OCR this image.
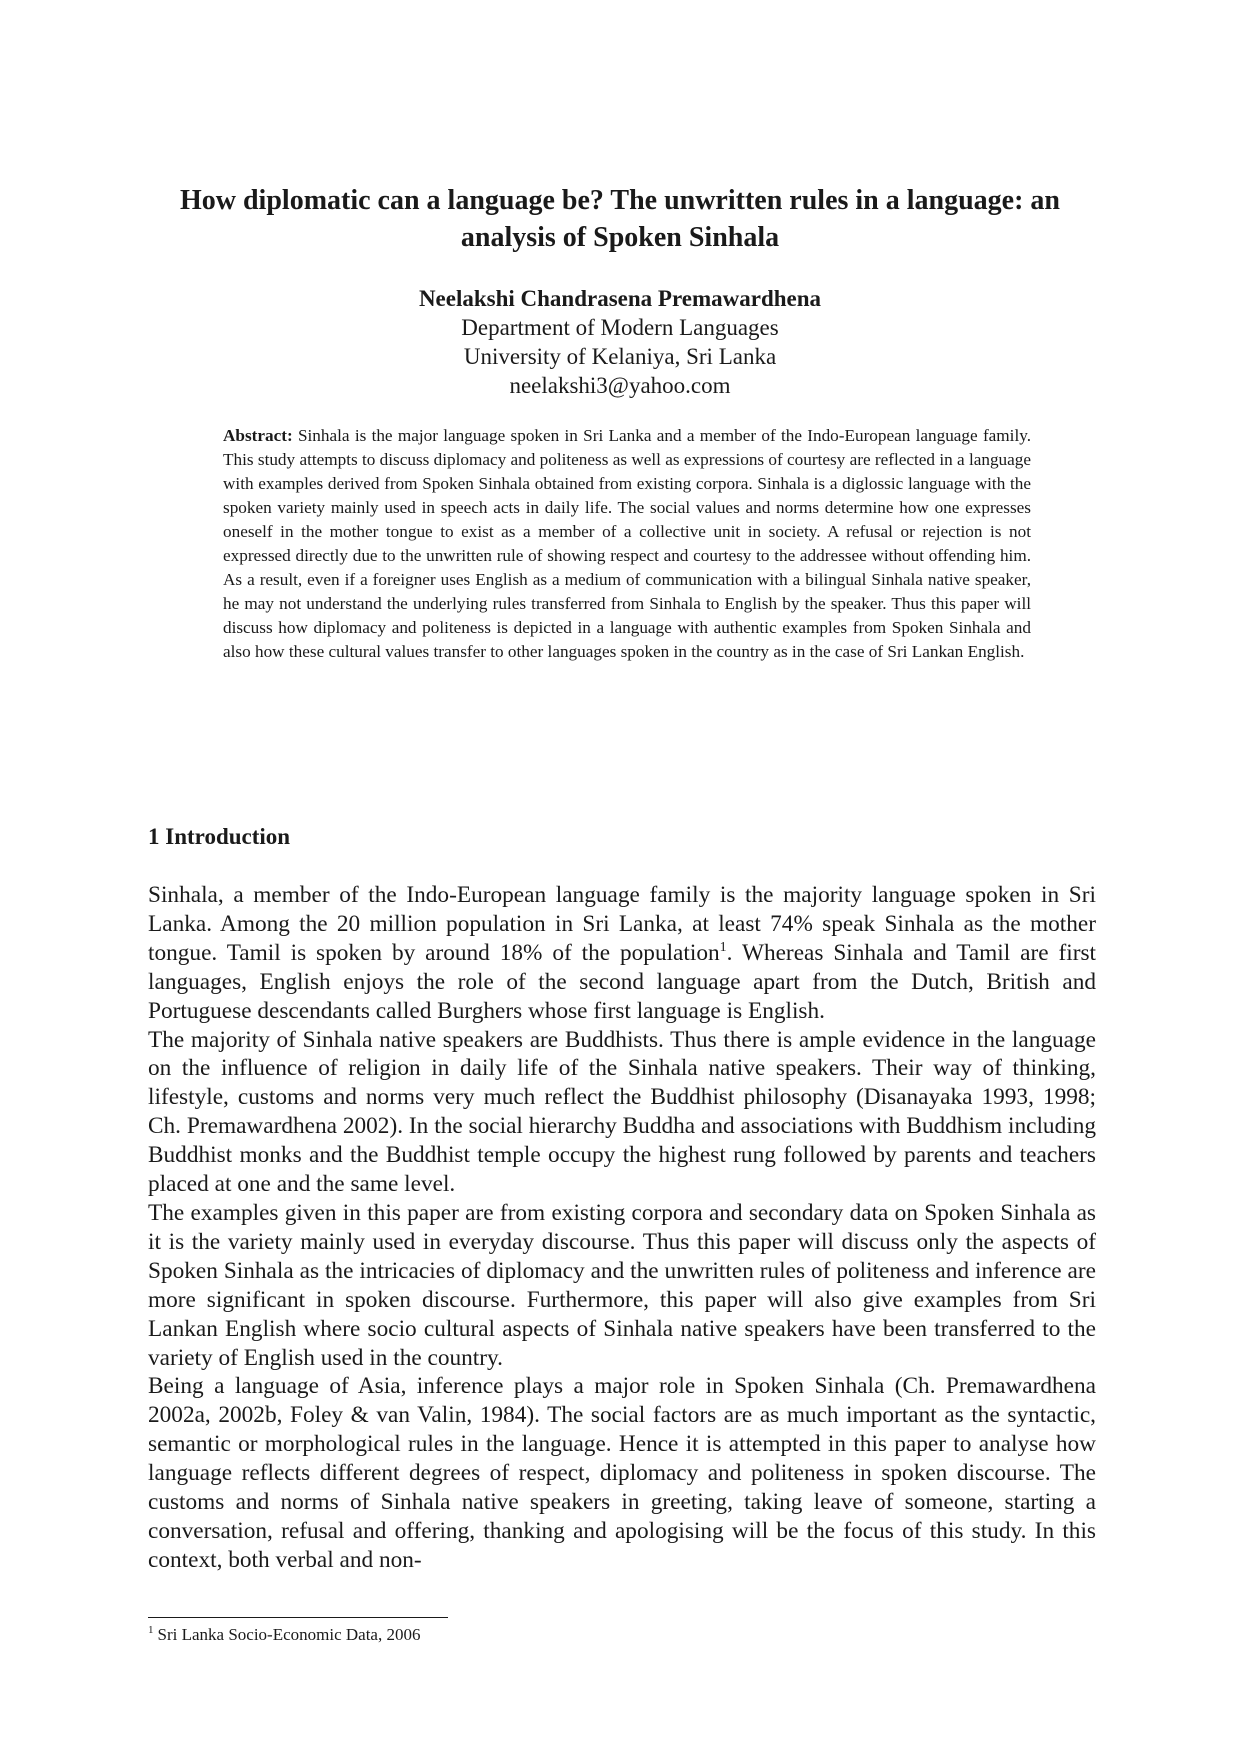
How diplomatic can a language be? The unwritten rules in a language: an
analysis of Spoken Sinhala
Neelakshi Chandrasena Premawardhena
Department of Modern Languages
University of Kelaniya, Sri Lanka
neelakshi3@yahoo.com

Abstract: Sinhala is the major language spoken in Sri Lanka and a member of the Indo-European language family. This study attempts to discuss diplomacy and politeness as well as expressions of courtesy are reflected in a language with examples derived from Spoken Sinhala obtained from existing corpora. Sinhala is a diglossic language with the spoken variety mainly used in speech acts in daily life. The social values and norms determine how one expresses oneself in the mother tongue to exist as a member of a collective unit in society. A refusal or rejection is not expressed directly due to the unwritten rule of showing respect and courtesy to the addressee without offending him. As a result, even if a foreigner uses English as a medium of communication with a bilingual Sinhala native speaker, he may not understand the underlying rules transferred from Sinhala to English by the speaker. Thus this paper will discuss how diplomacy and politeness is depicted in a language with authentic examples from Spoken Sinhala and also how these cultural values transfer to other languages spoken in the country as in the case of Sri Lankan English.

1 Introduction

Sinhala, a member of the Indo-European language family is the majority language spoken in Sri Lanka. Among the 20 million population in Sri Lanka, at least 74% speak Sinhala as the mother tongue. Tamil is spoken by around 18% of the population$^1$. Whereas Sinhala and Tamil are first languages, English enjoys the role of the second language apart from the Dutch, British and Portuguese descendants called Burghers whose first language is English.

The majority of Sinhala native speakers are Buddhists. Thus there is ample evidence in the language on the influence of religion in daily life of the Sinhala native speakers. Their way of thinking, lifestyle, customs and norms very much reflect the Buddhist philosophy (Disanayaka 1993, 1998; Ch. Premawardhena 2002). In the social hierarchy Buddha and associations with Buddhism including Buddhist monks and the Buddhist temple occupy the highest rung followed by parents and teachers placed at one and the same level.

The examples given in this paper are from existing corpora and secondary data on Spoken Sinhala as it is the variety mainly used in everyday discourse. Thus this paper will discuss only the aspects of Spoken Sinhala as the intricacies of diplomacy and the unwritten rules of politeness and inference are more significant in spoken discourse. Furthermore, this paper will also give examples from Sri Lankan English where socio cultural aspects of Sinhala native speakers have been transferred to the variety of English used in the country.

Being a language of Asia, inference plays a major role in Spoken Sinhala (Ch. Premawardhena 2002a, 2002b, Foley & van Valin, 1984). The social factors are as much important as the syntactic, semantic or morphological rules in the language. Hence it is attempted in this paper to analyse how language reflects different degrees of respect, diplomacy and politeness in spoken discourse. The customs and norms of Sinhala native speakers in greeting, taking leave of someone, starting a conversation, refusal and offering, thanking and apologising will be the focus of this study. In this context, both verbal and non-

$^1$ Sri Lanka Socio-Economic Data, 2006
